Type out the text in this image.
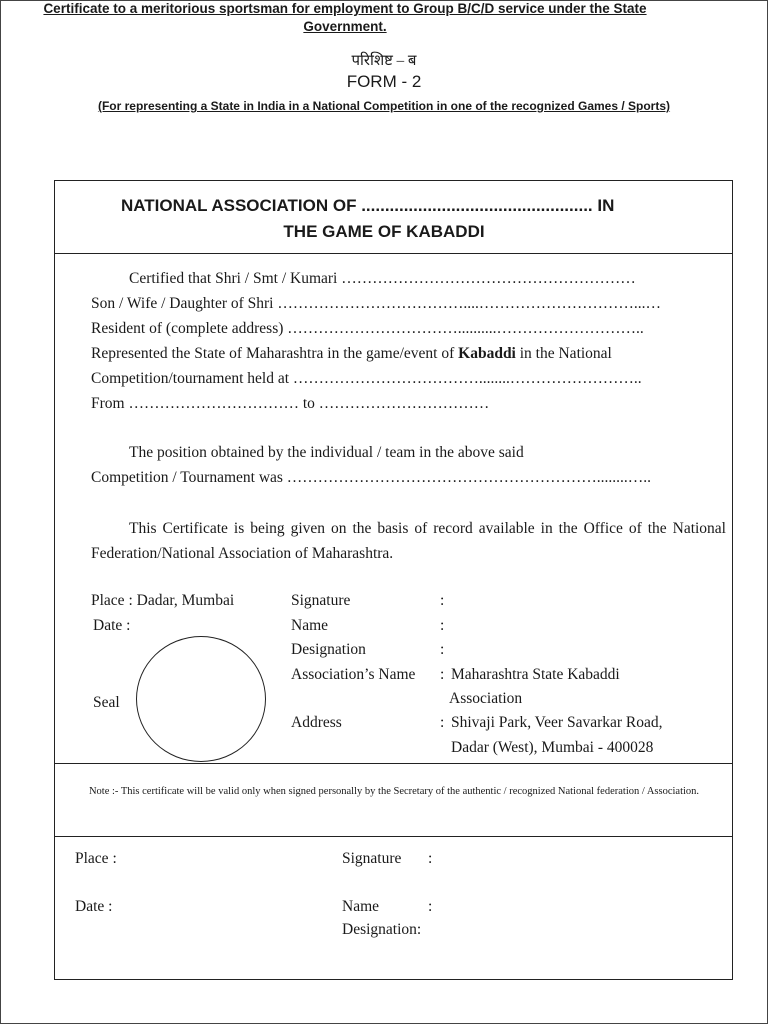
परिशिष्ट – ब
FORM - 2
(For representing a State in India in a National Competition in one of the recognized Games / Sports)
Certificate to a meritorious sportsman for employment to Group B/C/D service under the State Government.
NATIONAL ASSOCIATION OF ................................................. IN
THE GAME OF KABADDI
Certified that Shri / Smt / Kumari …………………………………………………
Son / Wife / Daughter of Shri ………………………………....…………………………...…
Resident of (complete address) ……………………………..........………………………..
Represented the State of Maharashtra in the game/event of Kabaddi in the National
Competition/tournament held at ………………………………........……………………..
From …………………………… to ……………………………
The position obtained by the individual / team in the above said
Competition / Tournament was ……………………………………………………........…..
This Certificate is being given on the basis of record available in the Office of the National Federation/National Association of Maharashtra.
Place : Dadar, Mumbai
Date :
Seal
Signature
Name
Designation
Association’s Name
Address
:
:
:
:
:
Maharashtra State Kabaddi
Association
Shivaji Park, Veer Savarkar Road,
Dadar (West), Mumbai - 400028
Note :- This certificate will be valid only when signed personally by the Secretary of the authentic / recognized National federation / Association.
Place :
Date :
Signature :
Name	:
Designation:
